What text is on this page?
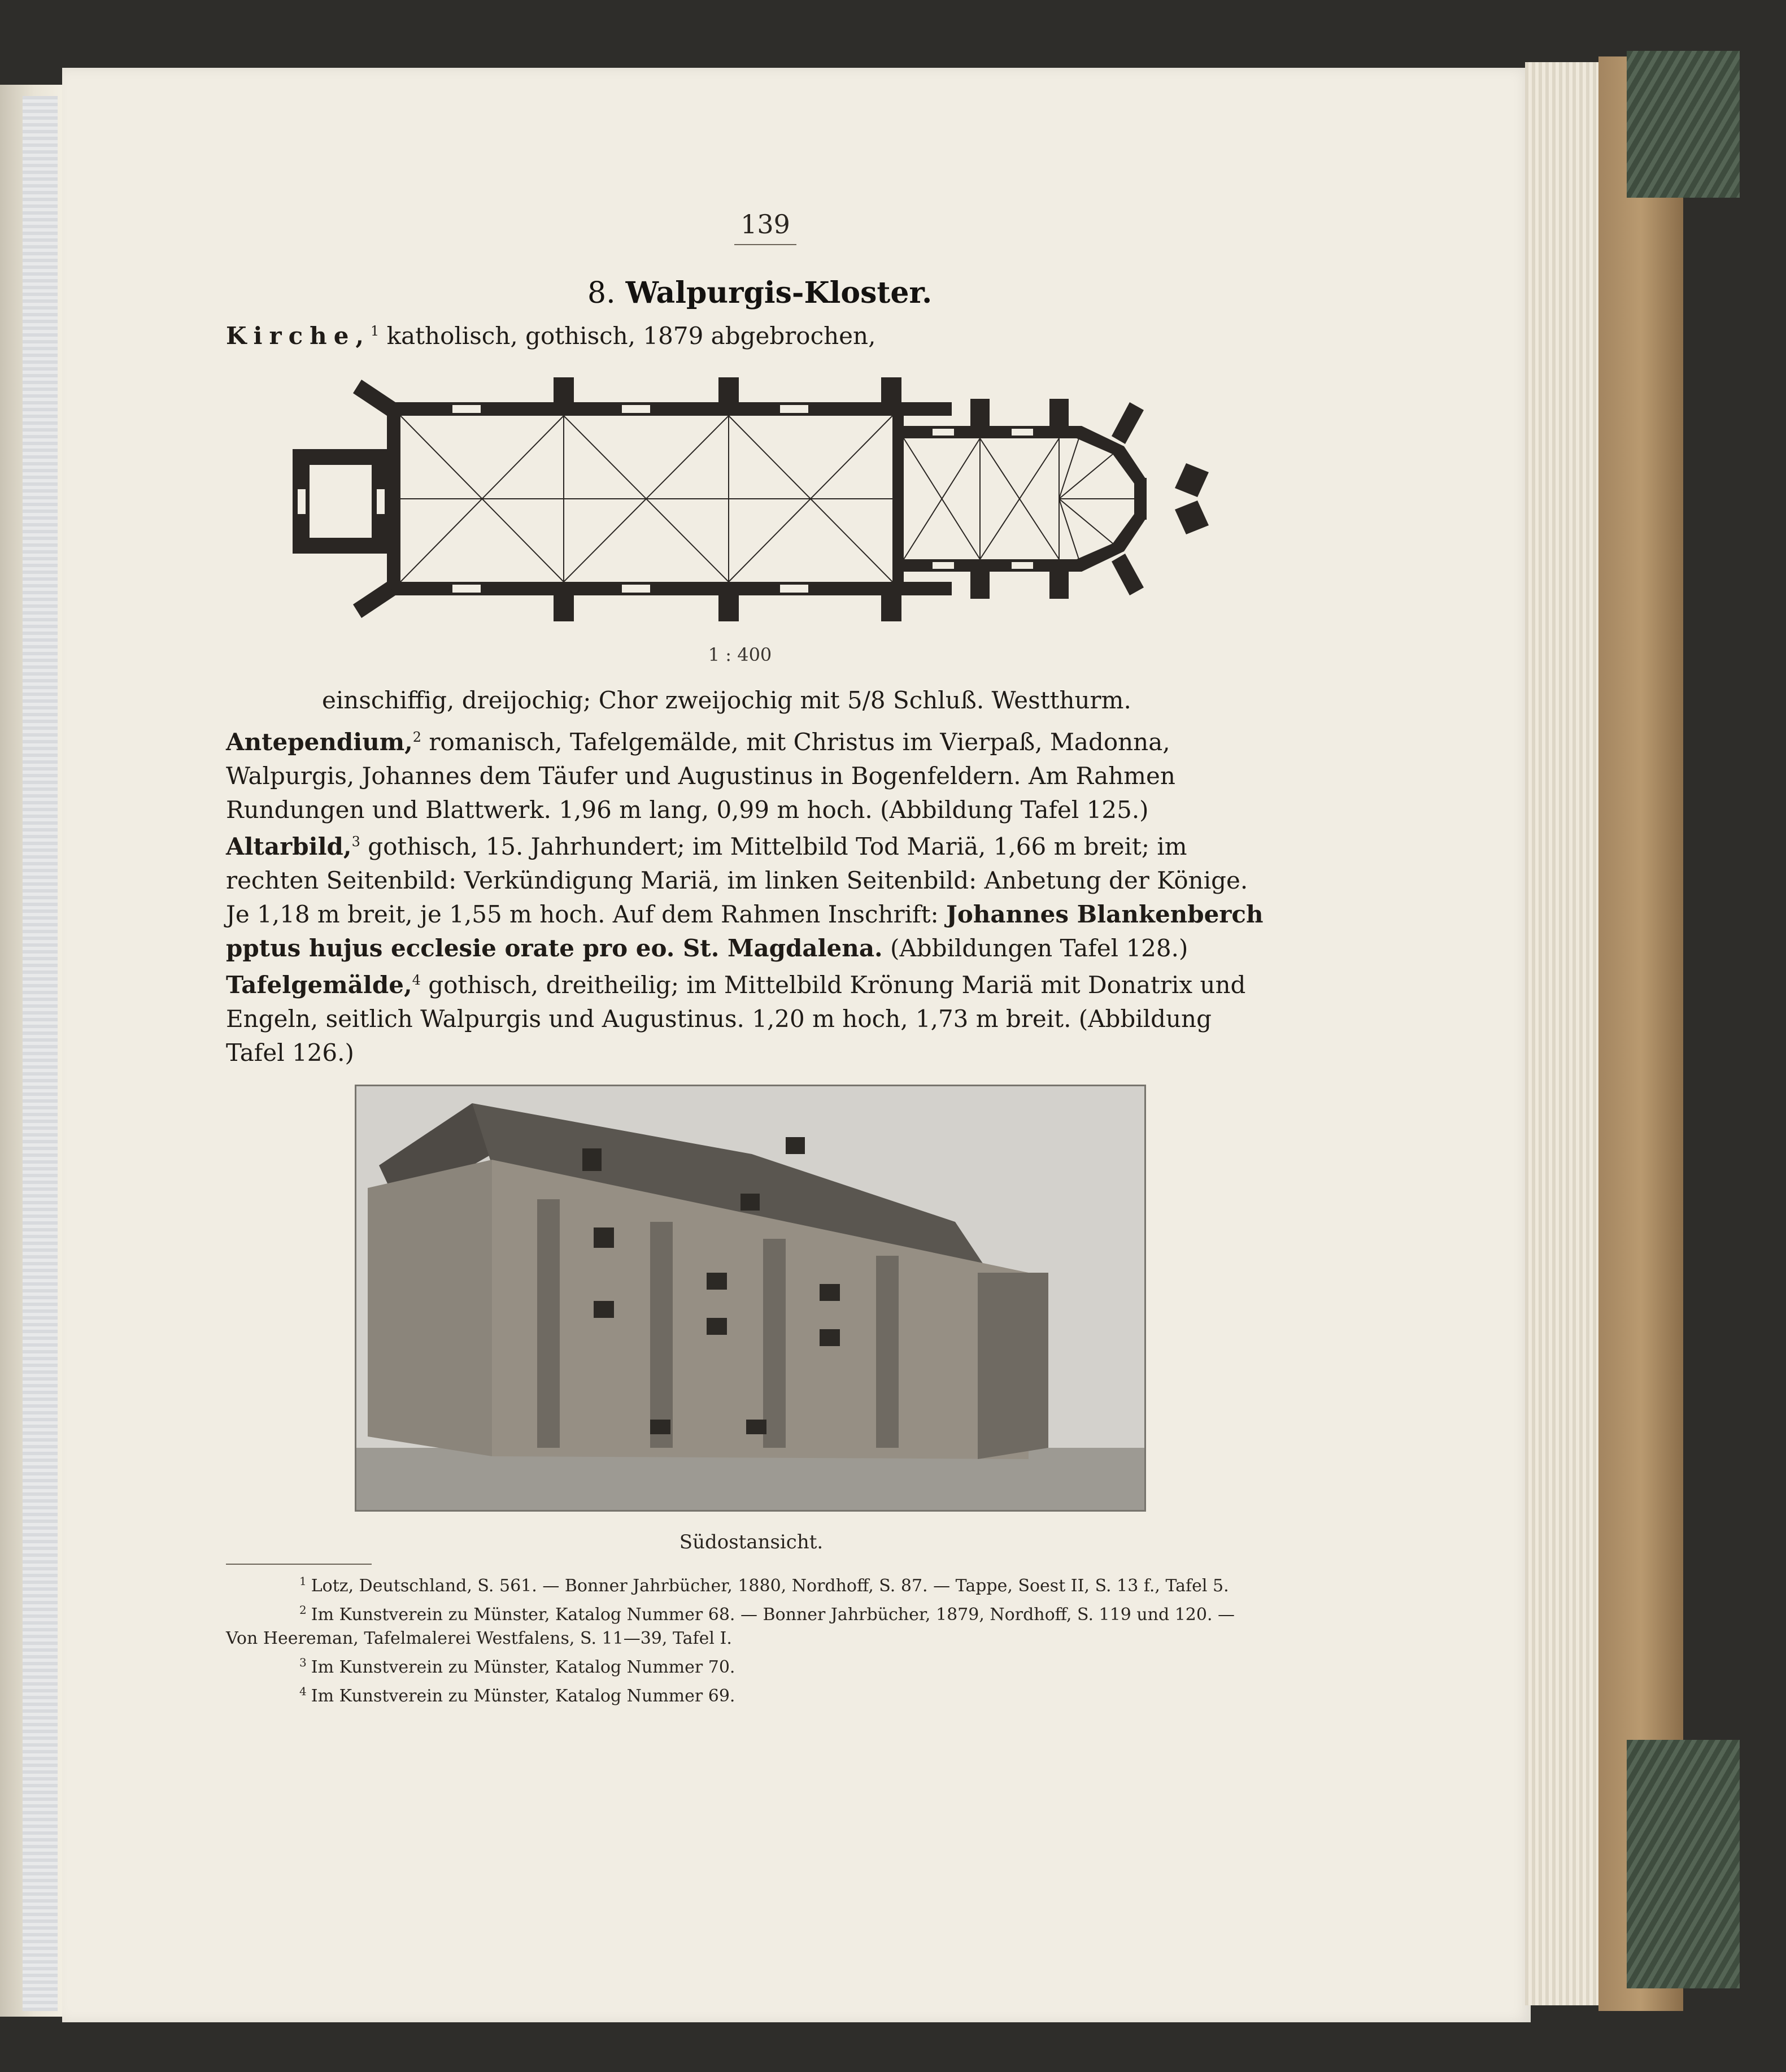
139
8. Walpurgis-Kloster.
Kirche,$^1$ katholisch, gothisch, 1879 abgebrochen,
1 : 400
einschiffig, dreijochig; Chor zweijochig mit 5/8 Schluß. Westthurm.
Antependium,$^2$ romanisch, Tafelgemälde, mit Christus im Vierpaß, Madonna, Walpurgis, Johannes dem Täufer und Augustinus in Bogenfeldern. Am Rahmen Rundungen und Blattwerk. 1,96 m lang, 0,99 m hoch. (Abbildung Tafel 125.)
Altarbild,$^3$ gothisch, 15. Jahrhundert; im Mittelbild Tod Mariä, 1,66 m breit; im rechten Seitenbild: Verkündigung Mariä, im linken Seitenbild: Anbetung der Könige. Je 1,18 m breit, je 1,55 m hoch. Auf dem Rahmen Inschrift: Johannes Blankenberch pptus hujus ecclesie orate pro eo. St. Magdalena. (Abbildungen Tafel 128.)
Tafelgemälde,$^4$ gothisch, dreitheilig; im Mittelbild Krönung Mariä mit Donatrix und Engeln, seitlich Walpurgis und Augustinus. 1,20 m hoch, 1,73 m breit. (Abbildung Tafel 126.)
Südostansicht.
$^1$ Lotz, Deutschland, S. 561. — Bonner Jahrbücher, 1880, Nordhoff, S. 87. — Tappe, Soest II, S. 13 f., Tafel 5.
$^2$ Im Kunstverein zu Münster, Katalog Nummer 68. — Bonner Jahrbücher, 1879, Nordhoff, S. 119 und 120. — Von Heereman, Tafelmalerei Westfalens, S. 11—39, Tafel I.
$^3$ Im Kunstverein zu Münster, Katalog Nummer 70.
$^4$ Im Kunstverein zu Münster, Katalog Nummer 69.
